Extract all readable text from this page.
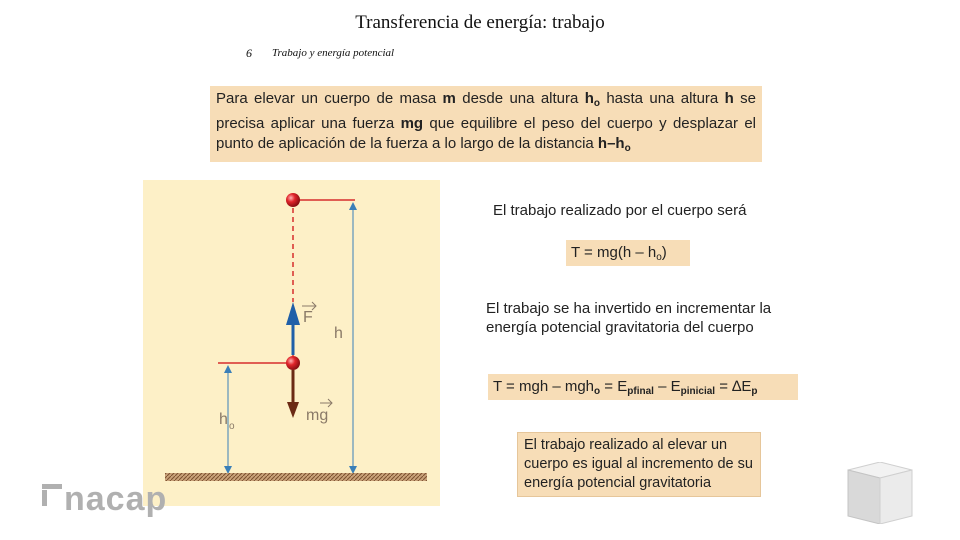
Transferencia de energía: trabajo
6 Trabajo y energía potencial
Para elevar un cuerpo de masa m desde una altura $h_o$ hasta una altura h se precisa aplicar una fuerza mg que equilibre el peso del cuerpo y desplazar el punto de aplicación de la fuerza a lo largo de la distancia $h-h_o$
F
h
mg
h o
El trabajo realizado por el cuerpo será
$T = mg(h - h_o)$
El trabajo se ha invertido en incrementar la energía potencial gravitatoria del cuerpo
T = mgh – $mgh_o = E_{pfinal} - E_{pinicial} = \Delta E_p$
El trabajo realizado al elevar un cuerpo es igual al incremento de su energía potencial gravitatoria
nacap
